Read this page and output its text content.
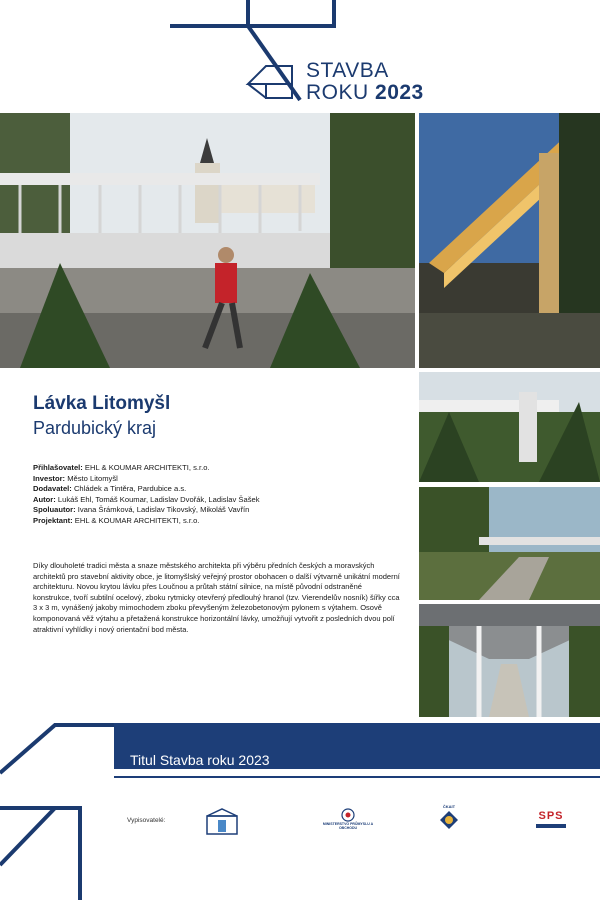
STAVBA
ROKU 2023
Lávka Litomyšl
Pardubický kraj
Přihlašovatel: EHL & KOUMAR ARCHITEKTI, s.r.o.
Investor: Město Litomyšl
Dodavatel: Chládek a Tintěra, Pardubice a.s.
Autor: Lukáš Ehl, Tomáš Koumar, Ladislav Dvořák, Ladislav Šašek
Spoluautor: Ivana Šrámková, Ladislav Tikovský, Mikoláš Vavřín
Projektant: EHL & KOUMAR ARCHITEKTI, s.r.o.
Díky dlouholeté tradici města a snaze městského architekta při výběru předních českých a moravských architektů pro stavební aktivity obce, je litomyšlský veřejný prostor obohacen o další výtvarně unikátní moderní architekturu. Novou krytou lávku přes Loučnou a průtah státní silnice, na místě původní odstraněné konstrukce, tvoří subtilní ocelový, zboku rytmicky otevřený předlouhý hranol (tzv. Vierendelův nosník) šířky cca 3 x 3 m, vynášený jakoby mimochodem zboku převyšeným železobetonovým pylonem s výtahem. Osově komponovaná věž výtahu a přetažená konstrukce horizontální lávky, umožňují vytvořit z posledních dvou polí atraktivní vyhlídky i nový orientační bod města.
Titul Stavba roku 2023
Vypisovatelé:	MINISTERSTVO PRŮMYSLU A OBCHODU
ČKAIT
SPS
